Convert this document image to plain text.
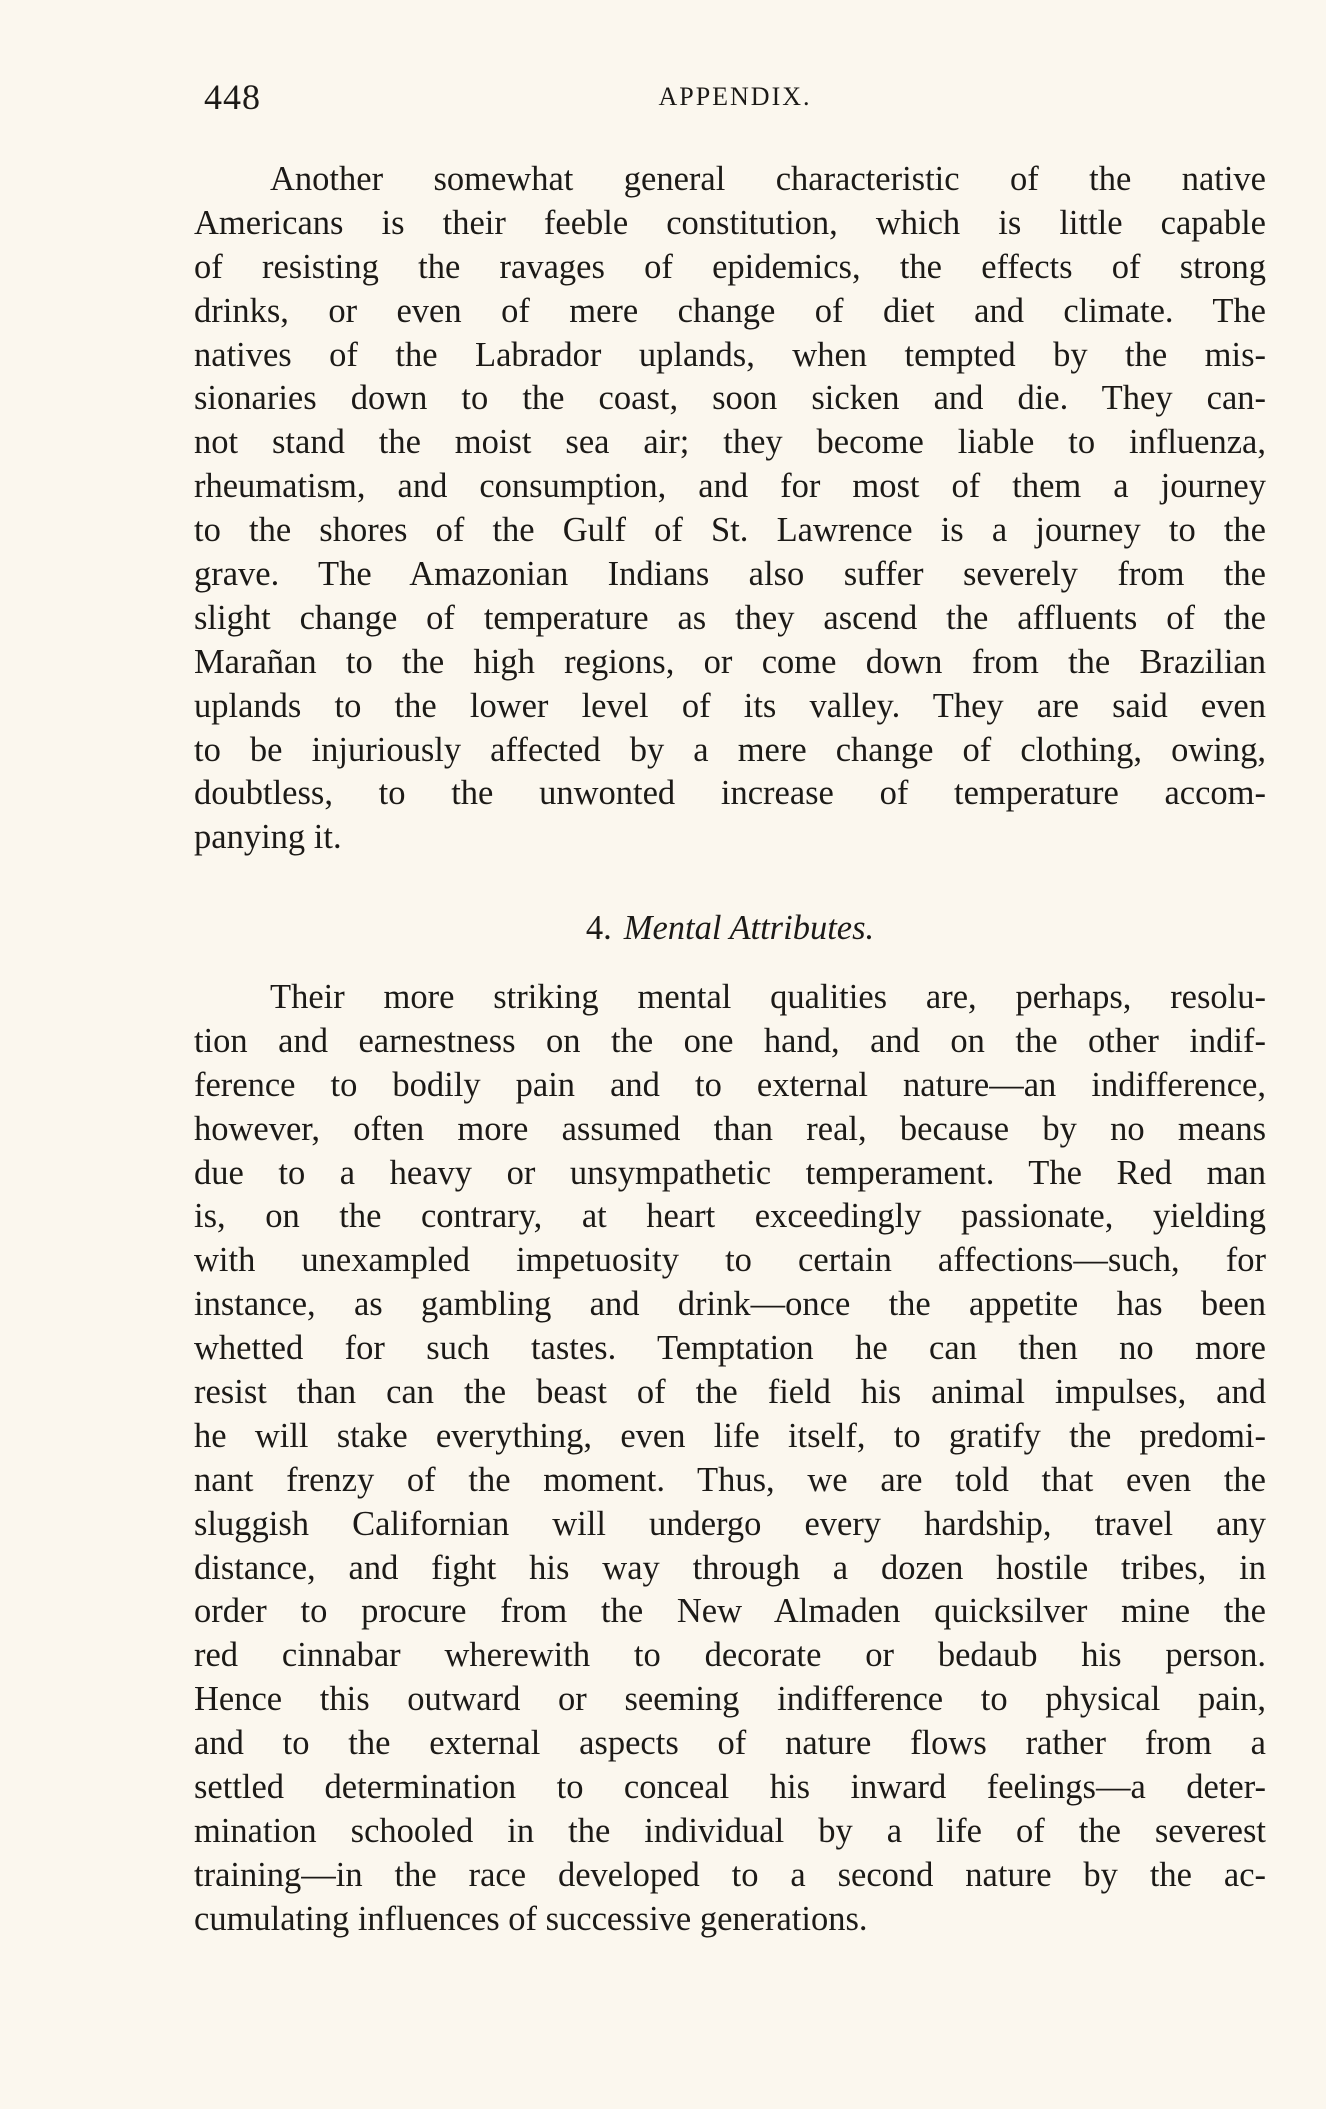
448	APPENDIX.
Another somewhat general characteristic of the native
Americans is their feeble constitution, which is little capable
of resisting the ravages of epidemics, the effects of strong
drinks, or even of mere change of diet and climate. The
natives of the Labrador uplands, when tempted by the mis-
sionaries down to the coast, soon sicken and die. They can-
not stand the moist sea air; they become liable to influenza,
rheumatism, and consumption, and for most of them a journey
to the shores of the Gulf of St. Lawrence is a journey to the
grave. The Amazonian Indians also suffer severely from the
slight change of temperature as they ascend the affluents of the
Marañan to the high regions, or come down from the Brazilian
uplands to the lower level of its valley. They are said even
to be injuriously affected by a mere change of clothing, owing,
doubtless, to the unwonted increase of temperature accom-
panying it.
4. Mental Attributes.
Their more striking mental qualities are, perhaps, resolu-
tion and earnestness on the one hand, and on the other indif-
ference to bodily pain and to external nature—an indifference,
however, often more assumed than real, because by no means
due to a heavy or unsympathetic temperament. The Red man
is, on the contrary, at heart exceedingly passionate, yielding
with unexampled impetuosity to certain affections—such, for
instance, as gambling and drink—once the appetite has been
whetted for such tastes. Temptation he can then no more
resist than can the beast of the field his animal impulses, and
he will stake everything, even life itself, to gratify the predomi-
nant frenzy of the moment. Thus, we are told that even the
sluggish Californian will undergo every hardship, travel any
distance, and fight his way through a dozen hostile tribes, in
order to procure from the New Almaden quicksilver mine the
red cinnabar wherewith to decorate or bedaub his person.
Hence this outward or seeming indifference to physical pain,
and to the external aspects of nature flows rather from a
settled determination to conceal his inward feelings—a deter-
mination schooled in the individual by a life of the severest
training—in the race developed to a second nature by the ac-
cumulating influences of successive generations.
